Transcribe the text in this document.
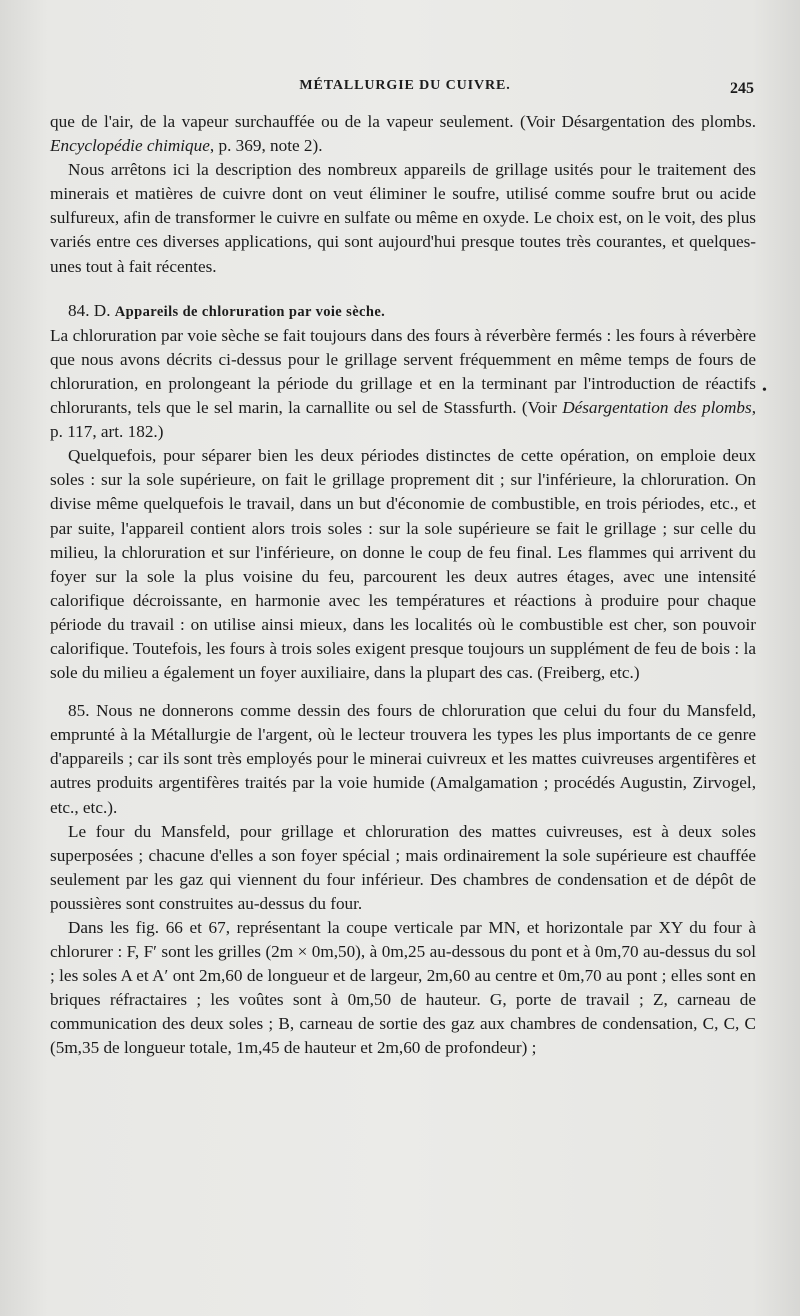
MÉTALLURGIE DU CUIVRE.	245
•

que de l'air, de la vapeur surchauffée ou de la vapeur seulement. (Voir Désargentation des plombs. Encyclopédie chimique, p. 369, note 2).

Nous arrêtons ici la description des nombreux appareils de grillage usités pour le traitement des minerais et matières de cuivre dont on veut éliminer le soufre, utilisé comme soufre brut ou acide sulfureux, afin de transformer le cuivre en sulfate ou même en oxyde. Le choix est, on le voit, des plus variés entre ces diverses applications, qui sont aujourd'hui presque toutes très courantes, et quelques-unes tout à fait récentes.

84. D. Appareils de chloruration par voie sèche.

La chloruration par voie sèche se fait toujours dans des fours à réverbère fermés : les fours à réverbère que nous avons décrits ci-dessus pour le grillage servent fréquemment en même temps de fours de chloruration, en prolongeant la période du grillage et en la terminant par l'introduction de réactifs chlorurants, tels que le sel marin, la carnallite ou sel de Stassfurth. (Voir Désargentation des plombs, p. 117, art. 182.)

Quelquefois, pour séparer bien les deux périodes distinctes de cette opération, on emploie deux soles : sur la sole supérieure, on fait le grillage proprement dit ; sur l'inférieure, la chloruration. On divise même quelquefois le travail, dans un but d'économie de combustible, en trois périodes, etc., et par suite, l'appareil contient alors trois soles : sur la sole supérieure se fait le grillage ; sur celle du milieu, la chloruration et sur l'inférieure, on donne le coup de feu final. Les flammes qui arrivent du foyer sur la sole la plus voisine du feu, parcourent les deux autres étages, avec une intensité calorifique décroissante, en harmonie avec les températures et réactions à produire pour chaque période du travail : on utilise ainsi mieux, dans les localités où le combustible est cher, son pouvoir calorifique. Toutefois, les fours à trois soles exigent presque toujours un supplément de feu de bois : la sole du milieu a également un foyer auxiliaire, dans la plupart des cas. (Freiberg, etc.)

85. Nous ne donnerons comme dessin des fours de chloruration que celui du four du Mansfeld, emprunté à la Métallurgie de l'argent, où le lecteur trouvera les types les plus importants de ce genre d'appareils ; car ils sont très employés pour le minerai cuivreux et les mattes cuivreuses argentifères et autres produits argentifères traités par la voie humide (Amalgamation ; procédés Augustin, Zirvogel, etc., etc.).

Le four du Mansfeld, pour grillage et chloruration des mattes cuivreuses, est à deux soles superposées ; chacune d'elles a son foyer spécial ; mais ordinairement la sole supérieure est chauffée seulement par les gaz qui viennent du four inférieur. Des chambres de condensation et de dépôt de poussières sont construites au-dessus du four.

Dans les fig. 66 et 67, représentant la coupe verticale par MN, et horizontale par XY du four à chlorurer : F, F′ sont les grilles (2m × 0m,50), à 0m,25 au-dessous du pont et à 0m,70 au-dessus du sol ; les soles A et A′ ont 2m,60 de longueur et de largeur, 2m,60 au centre et 0m,70 au pont ; elles sont en briques réfractaires ; les voûtes sont à 0m,50 de hauteur. G, porte de travail ; Z, carneau de communication des deux soles ; B, carneau de sortie des gaz aux chambres de condensation, C, C, C (5m,35 de longueur totale, 1m,45 de hauteur et 2m,60 de profondeur) ;
